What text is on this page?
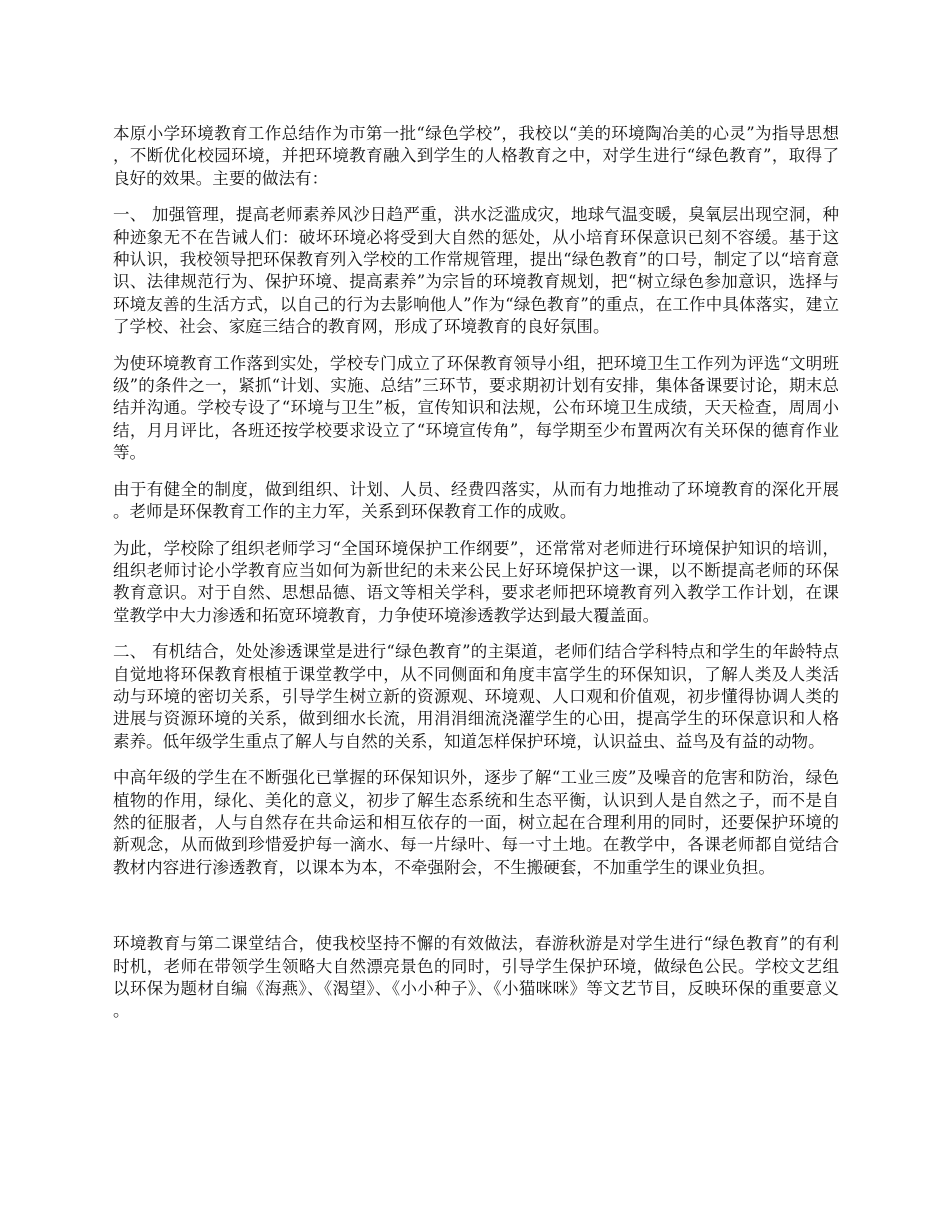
本原小学环境教育工作总结作为市第一批“绿色学校”，我校以“美的环境陶冶美的心灵”为指导思想，不断优化校园环境，并把环境教育融入到学生的人格教育之中，对学生进行“绿色教育”，取得了良好的效果。主要的做法有：

一、 加强管理，提高老师素养风沙日趋严重，洪水泛滥成灾，地球气温变暖，臭氧层出现空洞，种种迹象无不在告诫人们：破坏环境必将受到大自然的惩处，从小培育环保意识已刻不容缓。基于这种认识，我校领导把环保教育列入学校的工作常规管理，提出“绿色教育”的口号，制定了以“培育意识、法律规范行为、保护环境、提高素养”为宗旨的环境教育规划，把“树立绿色参加意识，选择与环境友善的生活方式，以自己的行为去影响他人”作为“绿色教育”的重点，在工作中具体落实，建立了学校、社会、家庭三结合的教育网，形成了环境教育的良好氛围。

为使环境教育工作落到实处，学校专门成立了环保教育领导小组，把环境卫生工作列为评选“文明班级”的条件之一，紧抓“计划、实施、总结”三环节，要求期初计划有安排，集体备课要讨论，期末总结并沟通。学校专设了“环境与卫生”板，宣传知识和法规，公布环境卫生成绩，天天检查，周周小结，月月评比，各班还按学校要求设立了“环境宣传角”，每学期至少布置两次有关环保的德育作业等。

由于有健全的制度，做到组织、计划、人员、经费四落实，从而有力地推动了环境教育的深化开展。老师是环保教育工作的主力军，关系到环保教育工作的成败。

为此，学校除了组织老师学习“全国环境保护工作纲要”，还常常对老师进行环境保护知识的培训，组织老师讨论小学教育应当如何为新世纪的未来公民上好环境保护这一课，以不断提高老师的环保教育意识。对于自然、思想品德、语文等相关学科，要求老师把环境教育列入教学工作计划，在课堂教学中大力渗透和拓宽环境教育，力争使环境渗透教学达到最大覆盖面。

二、 有机结合，处处渗透课堂是进行“绿色教育”的主渠道，老师们结合学科特点和学生的年龄特点自觉地将环保教育根植于课堂教学中，从不同侧面和角度丰富学生的环保知识，了解人类及人类活动与环境的密切关系，引导学生树立新的资源观、环境观、人口观和价值观，初步懂得协调人类的进展与资源环境的关系，做到细水长流，用涓涓细流浇灌学生的心田，提高学生的环保意识和人格素养。低年级学生重点了解人与自然的关系，知道怎样保护环境，认识益虫、益鸟及有益的动物。

中高年级的学生在不断强化已掌握的环保知识外，逐步了解“工业三废”及噪音的危害和防治，绿色植物的作用，绿化、美化的意义，初步了解生态系统和生态平衡，认识到人是自然之子，而不是自然的征服者，人与自然存在共命运和相互依存的一面，树立起在合理利用的同时，还要保护环境的新观念，从而做到珍惜爱护每一滴水、每一片绿叶、每一寸土地。在教学中，各课老师都自觉结合教材内容进行渗透教育，以课本为本，不牵强附会，不生搬硬套，不加重学生的课业负担。

环境教育与第二课堂结合，使我校坚持不懈的有效做法，春游秋游是对学生进行“绿色教育”的有利时机，老师在带领学生领略大自然漂亮景色的同时，引导学生保护环境，做绿色公民。学校文艺组以环保为题材自编《海燕》、《渴望》、《小小种子》、《小猫咪咪》等文艺节目，反映环保的重要意义。
